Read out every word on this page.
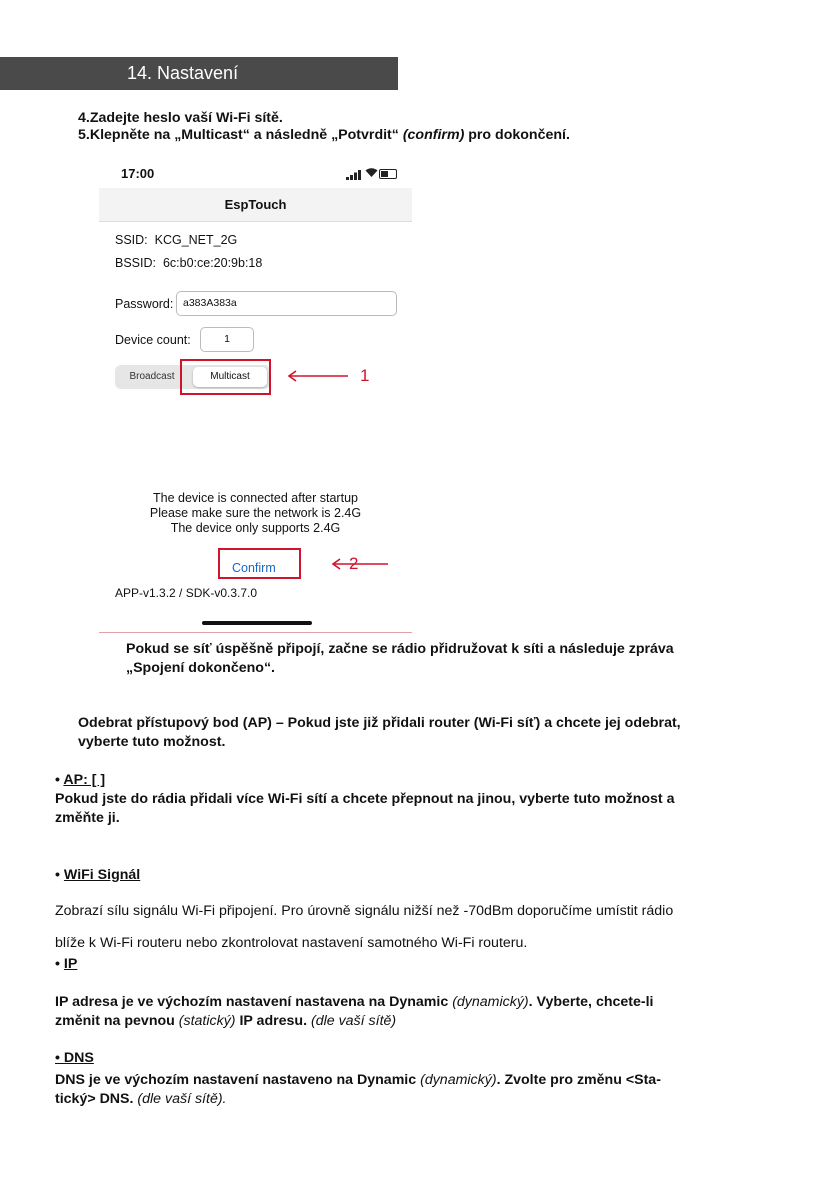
14. Nastavení
4.Zadejte heslo vaší Wi-Fi sítě.
5.Klepněte na „Multicast“ a následně „Potvrdit“ (confirm) pro dokončení.
17:00
EspTouch
SSID: KCG_NET_2G
BSSID: 6c:b0:ce:20:9b:18
Password: a383A383a
Device count:	1
Broadcast	Multicast
The device is connected after startup
Please make sure the network is 2.4G
The device only supports 2.4G
Confirm
APP-v1.3.2 / SDK-v0.3.7.0
1
2
Pokud se síť úspěšně připojí, začne se rádio přidružovat k síti a následuje zpráva
„Spojení dokončeno“.
Odebrat přístupový bod (AP) – Pokud jste již přidali router (Wi-Fi síť) a chcete jej odebrat,
vyberte tuto možnost.
• AP: [ ]
Pokud jste do rádia přidali více Wi-Fi sítí a chcete přepnout na jinou, vyberte tuto možnost a
změňte ji.
• WiFi Signál
Zobrazí sílu signálu Wi-Fi připojení. Pro úrovně signálu nižší než -70dBm doporučíme umístit rádio
blíže k Wi-Fi routeru nebo zkontrolovat nastavení samotného Wi-Fi routeru.
• IP
IP adresa je ve výchozím nastavení nastavena na Dynamic (dynamický). Vyberte, chcete-li
změnit na pevnou (statický) IP adresu. (dle vaší sítě)
• DNS
DNS je ve výchozím nastavení nastaveno na Dynamic (dynamický). Zvolte pro změnu <Sta-
tický> DNS. (dle vaší sítě).
